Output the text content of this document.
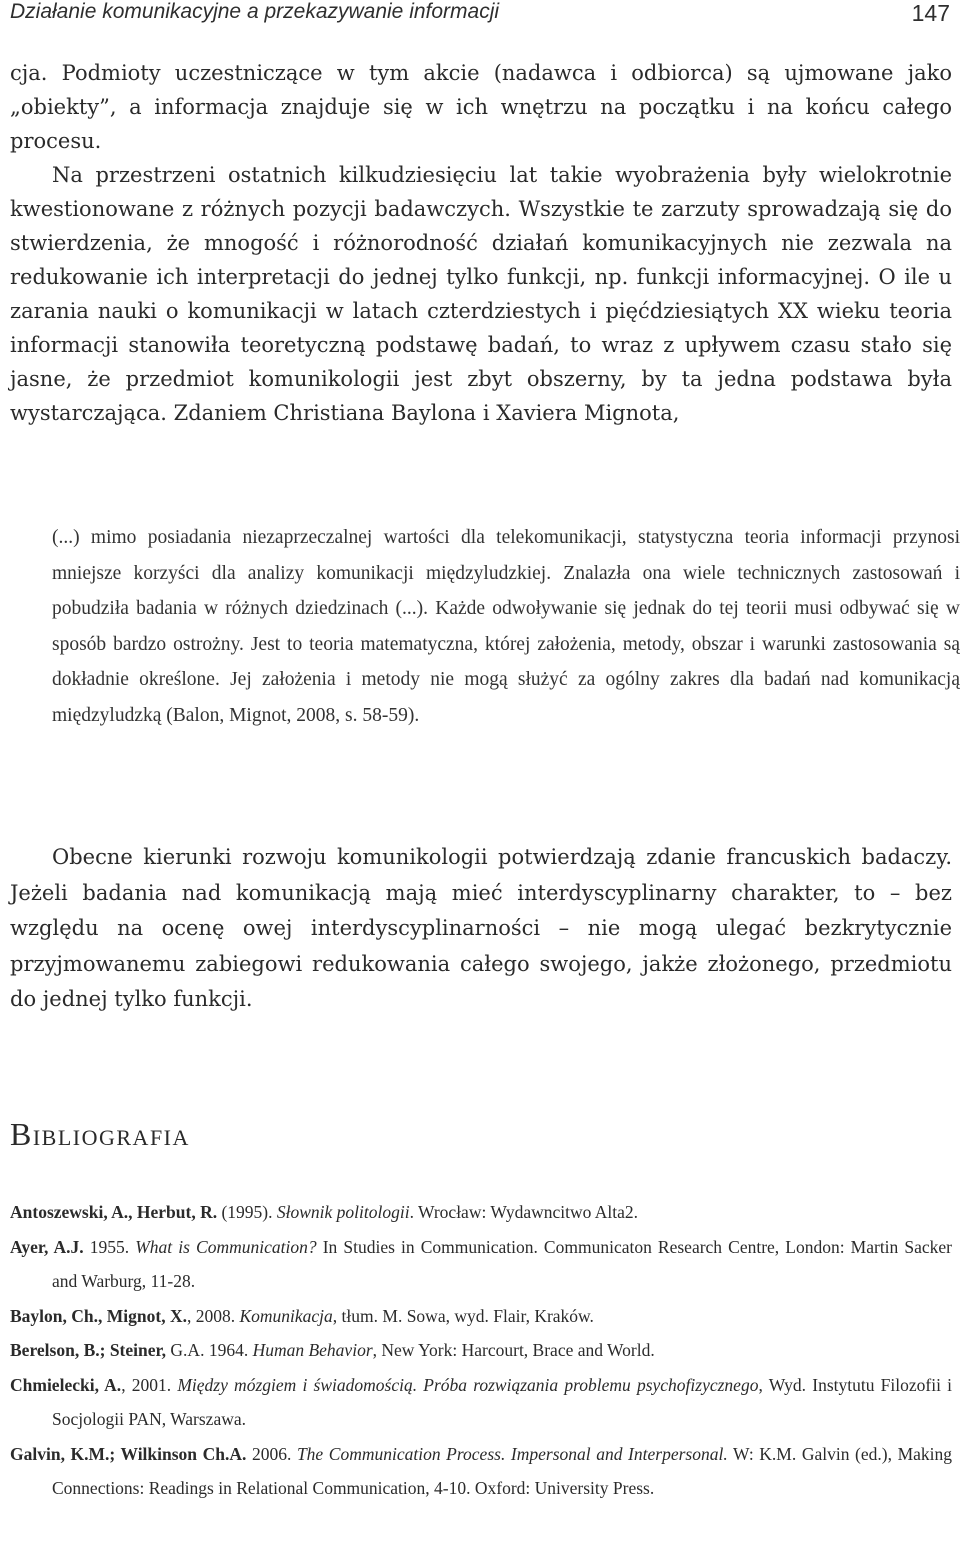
Działanie komunikacyjne a przekazywanie informacji	147

cja. Podmioty uczestniczące w tym akcie (nadawca i odbiorca) są ujmowane jako „obiekty”, a informacja znajduje się w ich wnętrzu na początku i na końcu całego procesu.

Na przestrzeni ostatnich kilkudziesięciu lat takie wyobrażenia były wielokrotnie kwestionowane z różnych pozycji badawczych. Wszystkie te zarzuty sprowadzają się do stwierdzenia, że mnogość i różnorodność działań komunikacyjnych nie zezwala na redukowanie ich interpretacji do jednej tylko funkcji, np. funkcji informacyjnej. O ile u zarania nauki o komunikacji w latach czterdziestych i pięćdziesiątych XX wieku teoria informacji stanowiła teoretyczną podstawę badań, to wraz z upływem czasu stało się jasne, że przedmiot komunikologii jest zbyt obszerny, by ta jedna podstawa była wystarczająca. Zdaniem Christiana Baylona i Xaviera Mignota,

(...) mimo posiadania niezaprzeczalnej wartości dla telekomunikacji, statystyczna teoria informacji przynosi mniejsze korzyści dla analizy komunikacji międzyludzkiej. Znalazła ona wiele technicznych zastosowań i pobudziła badania w różnych dziedzinach (...). Każde odwoływanie się jednak do tej teorii musi odbywać się w sposób bardzo ostrożny. Jest to teoria matematyczna, której założenia, metody, obszar i warunki zastosowania są dokładnie określone. Jej założenia i metody nie mogą służyć za ogólny zakres dla badań nad komunikacją międzyludzką (Balon, Mignot, 2008, s. 58-59).

Obecne kierunki rozwoju komunikologii potwierdzają zdanie francuskich badaczy. Jeżeli badania nad komunikacją mają mieć interdyscyplinarny charakter, to – bez względu na ocenę owej interdyscyplinarności – nie mogą ulegać bezkrytycznie przyjmowanemu zabiegowi redukowania całego swojego, jakże złożonego, przedmiotu do jednej tylko funkcji.

Bibliografia

Antoszewski, A., Herbut, R. (1995). Słownik politologii. Wrocław: Wydawncitwo Alta2.

Ayer, A.J. 1955. What is Communication? In Studies in Communication. Communicaton Research Centre, London: Martin Sacker and Warburg, 11-28.

Baylon, Ch., Mignot, X., 2008. Komunikacja, tłum. M. Sowa, wyd. Flair, Kraków.

Berelson, B.; Steiner, G.A. 1964. Human Behavior, New York: Harcourt, Brace and World.

Chmielecki, A., 2001. Między mózgiem i świadomością. Próba rozwiązania problemu psychofizycznego, Wyd. Instytutu Filozofii i Socjologii PAN, Warszawa.

Galvin, K.M.; Wilkinson Ch.A. 2006. The Communication Process. Impersonal and Interpersonal. W: K.M. Galvin (ed.), Making Connections: Readings in Relational Communication, 4-10. Oxford: University Press.
